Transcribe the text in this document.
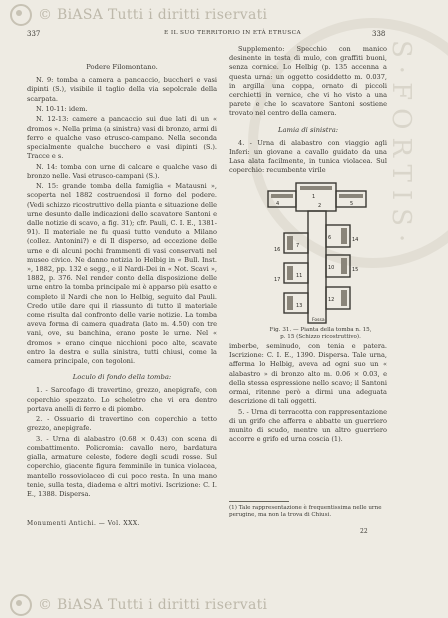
S·FORTIS·
© BiASA Tutti i diritti riservati
337	E IL SUO TERRITORIO IN ETÀ ETRUSCA	338

Podere Filomontano.

N. 9: tomba a camera a pancaccio, buccheri e vasi dipinti (S.), visibile il taglio della via sepolcrale della scarpata.

N. 10-11: idem.

N. 12-13: camere a pancaccio sui due lati di un « dromos ». Nella prima (a sinistra) vasi di bronzo, armi di ferro e qualche vaso etrusco-campano. Nella seconda specialmente qualche bucchero e vasi dipinti (S.). Tracce e s.

N. 14: tomba con urne di calcare e qualche vaso di bronzo nelle. Vasi etrusco-campani (S.).

N. 15: grande tomba della famiglia « Matausni », scoperta nel 1882 costruendosi il forno del podere. (Vedi schizzo ricostruttivo della pianta e situazione delle urne desunto dalle indicazioni dello scavatore Santoni e dalle notizie di scavo, a fig. 31); cfr. Pauli, C. I. E., 1381-91). Il materiale ne fu quasi tutto venduto a Milano (collez. Antonini?) e di Il disperso, ad eccezione delle urne e di alcuni pochi frammenti di vasi conservati nel museo civico. Ne danno notizia lo Helbig in « Bull. Inst. », 1882, pp. 132 e segg., e il Nardi-Dei in « Not. Scavi », 1882, p. 376. Nel render conto della disposizione delle urne entro la tomba principale mi è apparso più esatto e completo il Nardi che non lo Helbig, seguito dal Pauli. Credo utile dare qui il riassunto di tutto il materiale come risulta dal confronto delle varie notizie. La tomba aveva forma di camera quadrata (lato m. 4.50) con tre vani, ove, su banchina, erano poste le urne. Nel « dromos » erano cinque nicchioni poco alte, scavate entro la destra e sulla sinistra, tutti chiusi, come la camera principale, con tegoloni.

Loculo di fondo della tomba:

1. - Sarcofago di travertino, grezzo, anepigrafe, con coperchio spezzato. Lo scheletro che vi era dentro portava anelli di ferro e di piombo.

2. - Ossuario di travertino con coperchio a tetto grezzo, anepigrafe.

3. - Urna di alabastro (0.68 × 0.43) con scena di combattimento. Policromia: cavallo nero, bardatura gialla, armature celeste, fodere degli scudi rosse. Sul coperchio, giacente figura femminile in tunica violacea, mantello rossoviolaceo di cui poco resta. In una mano tenie, sulla testa, diadema e altri motivi. Iscrizione: C. I. E., 1388. Dispersa.

Monumenti Antichi. — Vol. XXX.

Supplemento: Specchio con manico desinente in testa di mulo, con graffiti buoni, senza cornice. Lo Helbig (p. 135 accenna a questa urna: un oggetto cosiddetto m. 0.037, in argilla una coppa, ornato di piccoli cerchietti in vernice, che vi ho visto a una parete e che lo scavatore Santoni sostiene trovato nel centro della camera.

Lamia di sinistra:

4. - Urna di alabastro con viaggio agli Inferi: un giovane a cavallo guidato da una Lasa alata facilmente, in tunica violacea. Sul coperchio: recumbente virile

1
2
4	5
6
7
10
11
12
13
14
15
16
17
Fossa
Fig. 31. — Pianta della tomba n. 15, p. 15 (Schizzo ricostruttivo).

imberbe, seminudo, con tenia e patera. Iscrizione: C. I. E., 1390. Dispersa. Tale urna, afferma lo Helbig, aveva ad ogni suo un « alabastro » di bronzo alto m. 0.06 × 0.03, e della stessa espressione nello scavo; il Santoni ormai, ritenne però a dirmi una adeguata descrizione di tali oggetti.

5. - Urna di terracotta con rappresentazione di un grifo che afferra e abbatte un guerriero munito di scudo, mentre un altro guerriero accorre e grifo ed urna coscia (1).

(1) Tale rappresentazione è frequentissima nelle urne perugine, ma non la trova di Chiusi.
22
© BiASA Tutti i diritti riservati
